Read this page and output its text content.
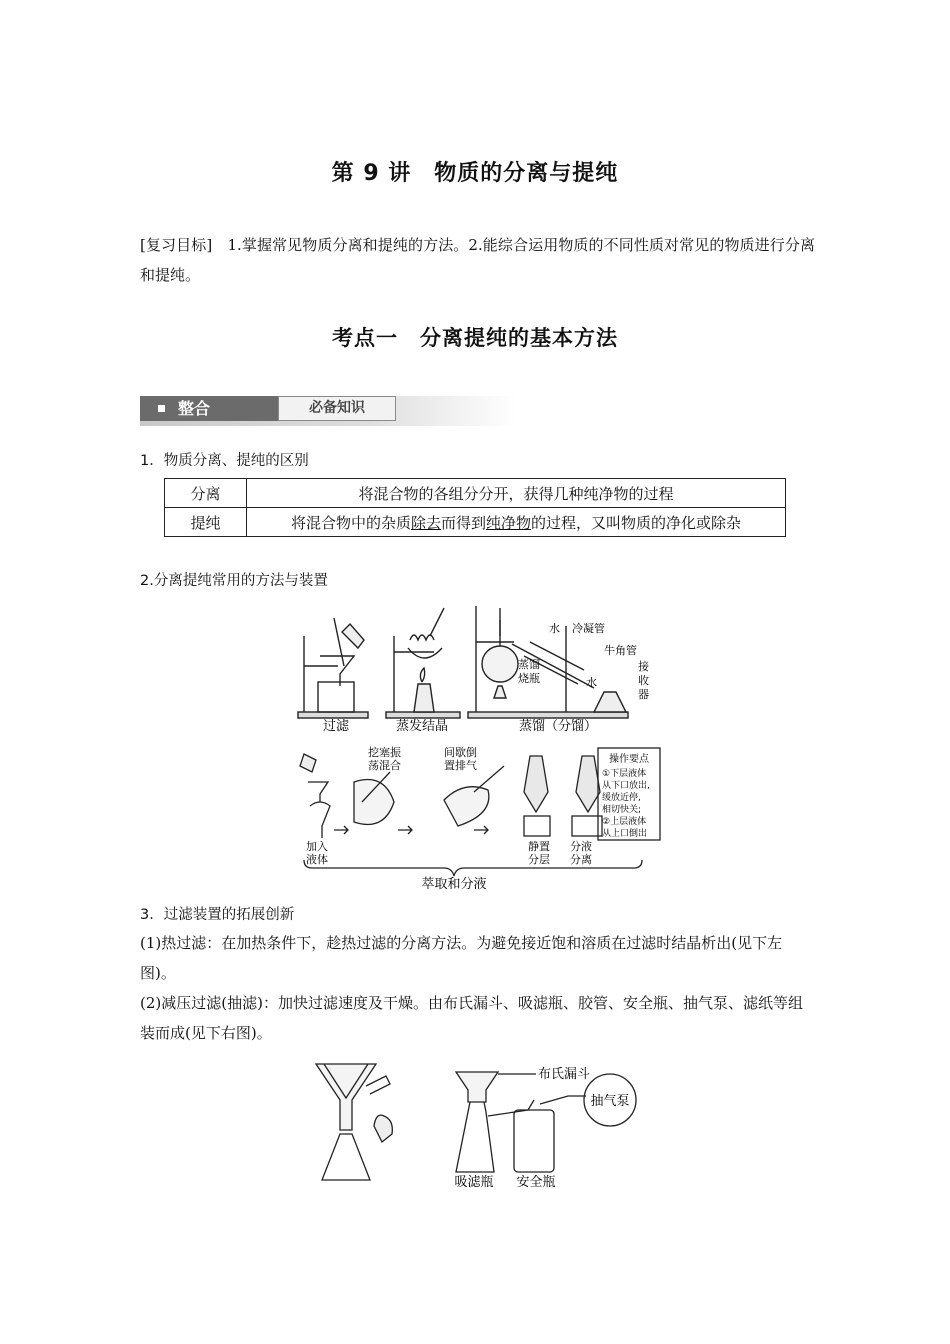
第 9 讲　物质的分离与提纯
[复习目标]　 1.掌握常见物质分离和提纯的方法。2.能综合运用物质的不同性质对常见的物质进行分离和提纯。
考点一　分离提纯的基本方法
整合	必备知识
1．物质分离、提纯的区别
分离	将混合物的各组分分开，获得几种纯净物的过程
提纯	将混合物中的杂质除去而得到纯净物的过程，又叫物质的净化或除杂
2.分离提纯常用的方法与装置
过滤	蒸发结晶	蒸馏（分馏）
水 冷凝管
牛角管
水
蒸馏
烧瓶
接
收
器
加入
液体
挖塞振
荡混合
间歇倒
置排气
静置
分层
分液
分离
操作要点
①下层液体
从下口放出,
缓放近停,
相切快关;
②上层液体
从上口倒出
萃取和分液
3．过滤装置的拓展创新
(1)热过滤：在加热条件下，趁热过滤的分离方法。为避免接近饱和溶质在过滤时结晶析出(见下左图)。
(2)减压过滤(抽滤)：加快过滤速度及干燥。由布氏漏斗、吸滤瓶、胶管、安全瓶、抽气泵、滤纸等组装而成(见下右图)。
布氏漏斗
抽气泵
吸滤瓶 安全瓶
